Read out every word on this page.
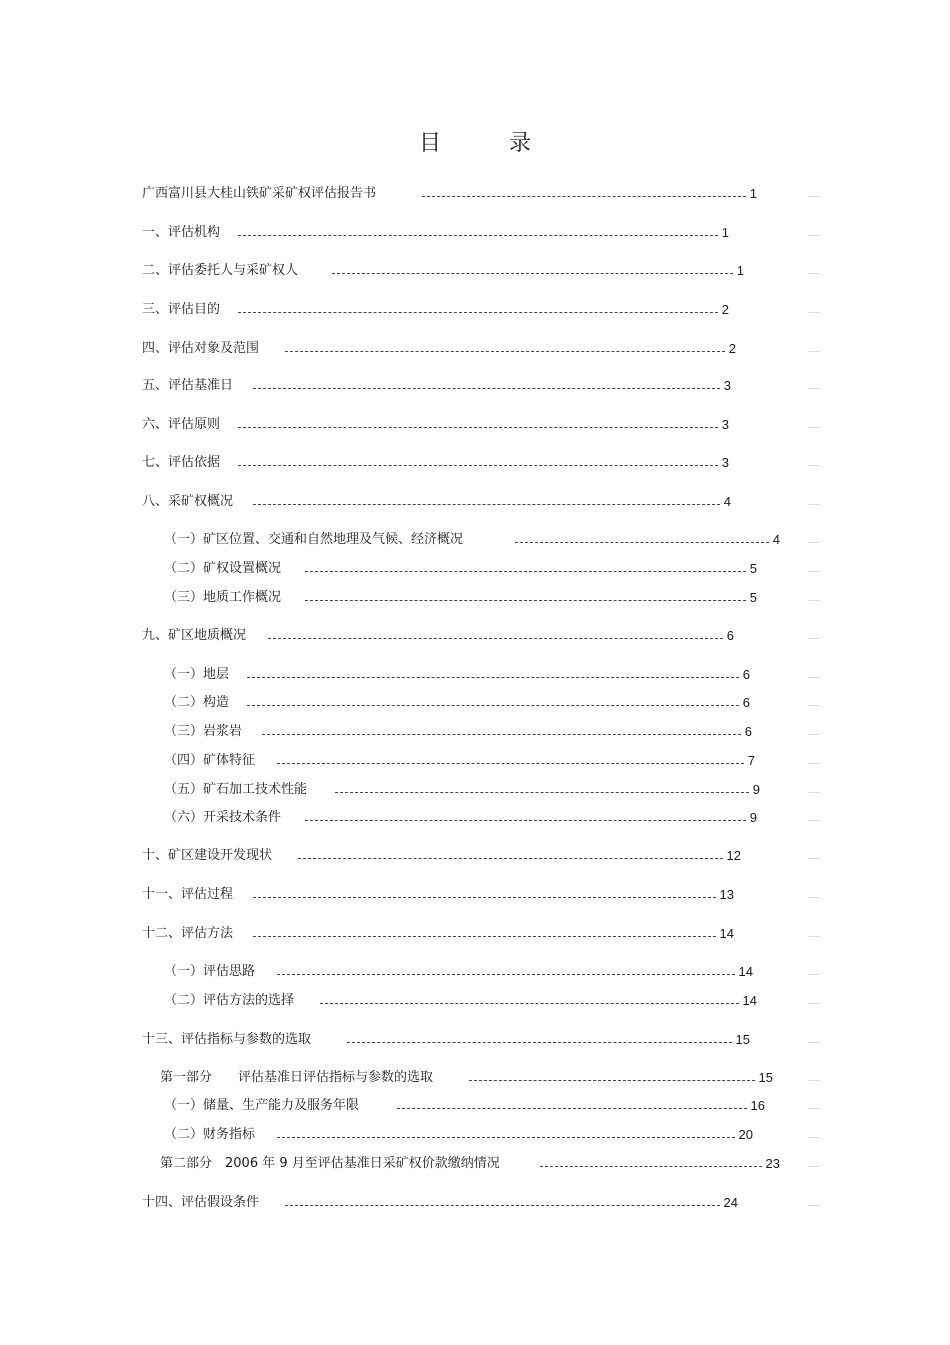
目	录
广西富川县大桂山铁矿采矿权评估报告书	1
一、评估机构	1
二、评估委托人与采矿权人	1
三、评估目的	2
四、评估对象及范围	2
五、评估基准日	3
六、评估原则	3
七、评估依据	3
八、采矿权概况	4
（一）矿区位置、交通和自然地理及气候、经济概况	4
（二）矿权设置概况	5
（三）地质工作概况	5
九、矿区地质概况	6
（一）地层	6
（二）构造	6
（三）岩浆岩	6
（四）矿体特征	7
（五）矿石加工技术性能	9
（六）开采技术条件	9
十、矿区建设开发现状	12
十一、评估过程	13
十二、评估方法	14
（一）评估思路	14
（二）评估方法的选择	14
十三、评估指标与参数的选取	15
第一部分　　评估基准日评估指标与参数的选取	15
（一）储量、生产能力及服务年限	16
（二）财务指标	20
第二部分　2006 年 9 月至评估基准日采矿权价款缴纳情况	23
十四、评估假设条件	24
